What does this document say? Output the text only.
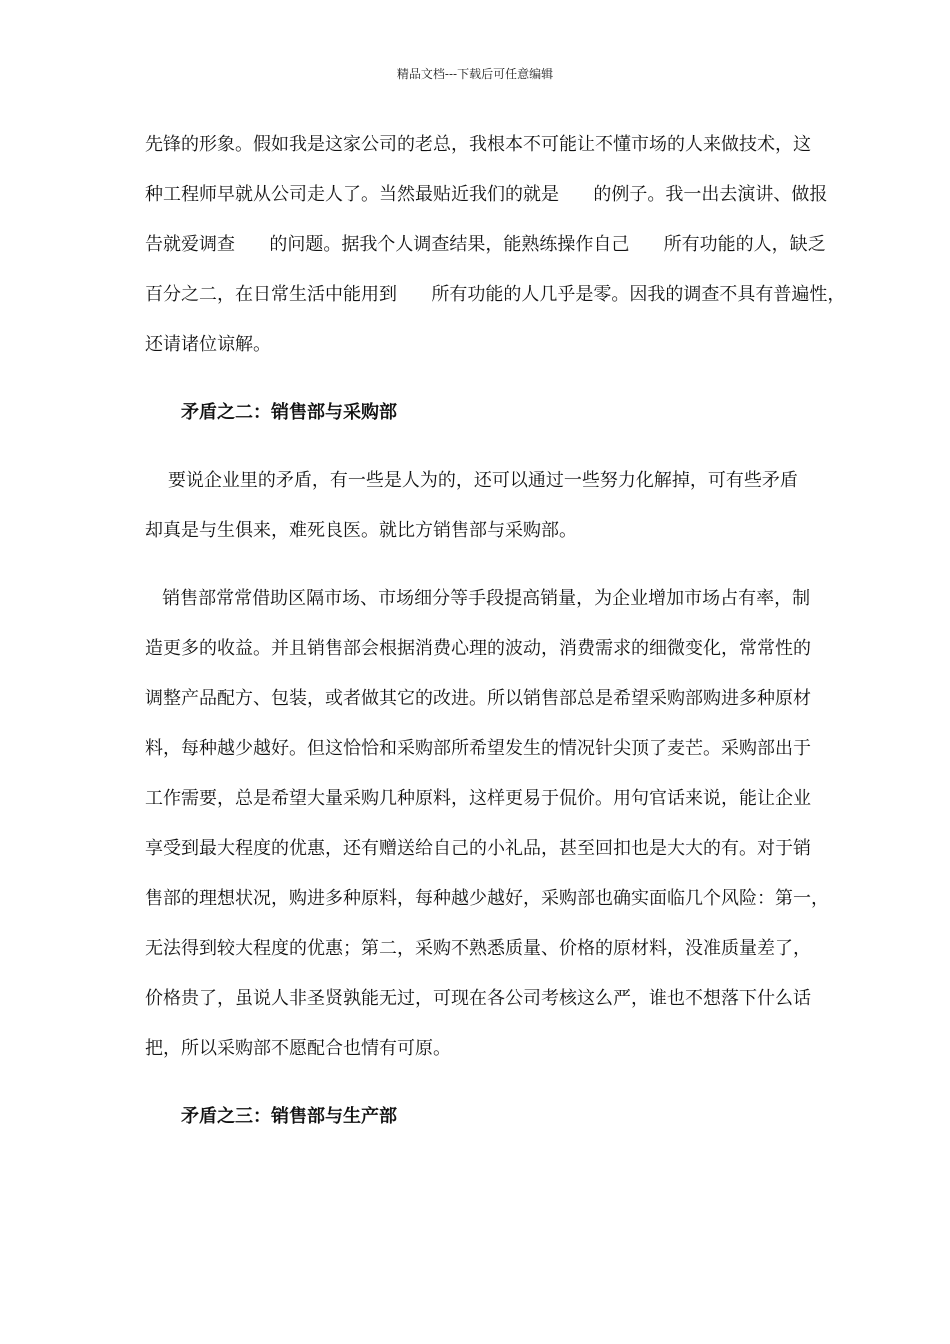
精品文档---下载后可任意编辑
先锋的形象。假如我是这家公司的老总，我根本不可能让不懂市场的人来做技术，这
种工程师早就从公司走人了。当然最贴近我们的就是      的例子。我一出去演讲、做报
告就爱调查      的问题。据我个人调查结果，能熟练操作自己      所有功能的人，缺乏
百分之二，在日常生活中能用到      所有功能的人几乎是零。因我的调查不具有普遍性，
还请诸位谅解。
矛盾之二：销售部与采购部
要说企业里的矛盾，有一些是人为的，还可以通过一些努力化解掉，可有些矛盾
却真是与生俱来，难死良医。就比方销售部与采购部。
销售部常常借助区隔市场、市场细分等手段提高销量，为企业增加市场占有率，制
造更多的收益。并且销售部会根据消费心理的波动，消费需求的细微变化，常常性的
调整产品配方、包装，或者做其它的改进。所以销售部总是希望采购部购进多种原材
料，每种越少越好。但这恰恰和采购部所希望发生的情况针尖顶了麦芒。采购部出于
工作需要，总是希望大量采购几种原料，这样更易于侃价。用句官话来说，能让企业
享受到最大程度的优惠，还有赠送给自己的小礼品，甚至回扣也是大大的有。对于销
售部的理想状况，购进多种原料，每种越少越好，采购部也确实面临几个风险：第一，
无法得到较大程度的优惠；第二，采购不熟悉质量、价格的原材料，没准质量差了，
价格贵了，虽说人非圣贤孰能无过，可现在各公司考核这么严，谁也不想落下什么话
把，所以采购部不愿配合也情有可原。
矛盾之三：销售部与生产部
